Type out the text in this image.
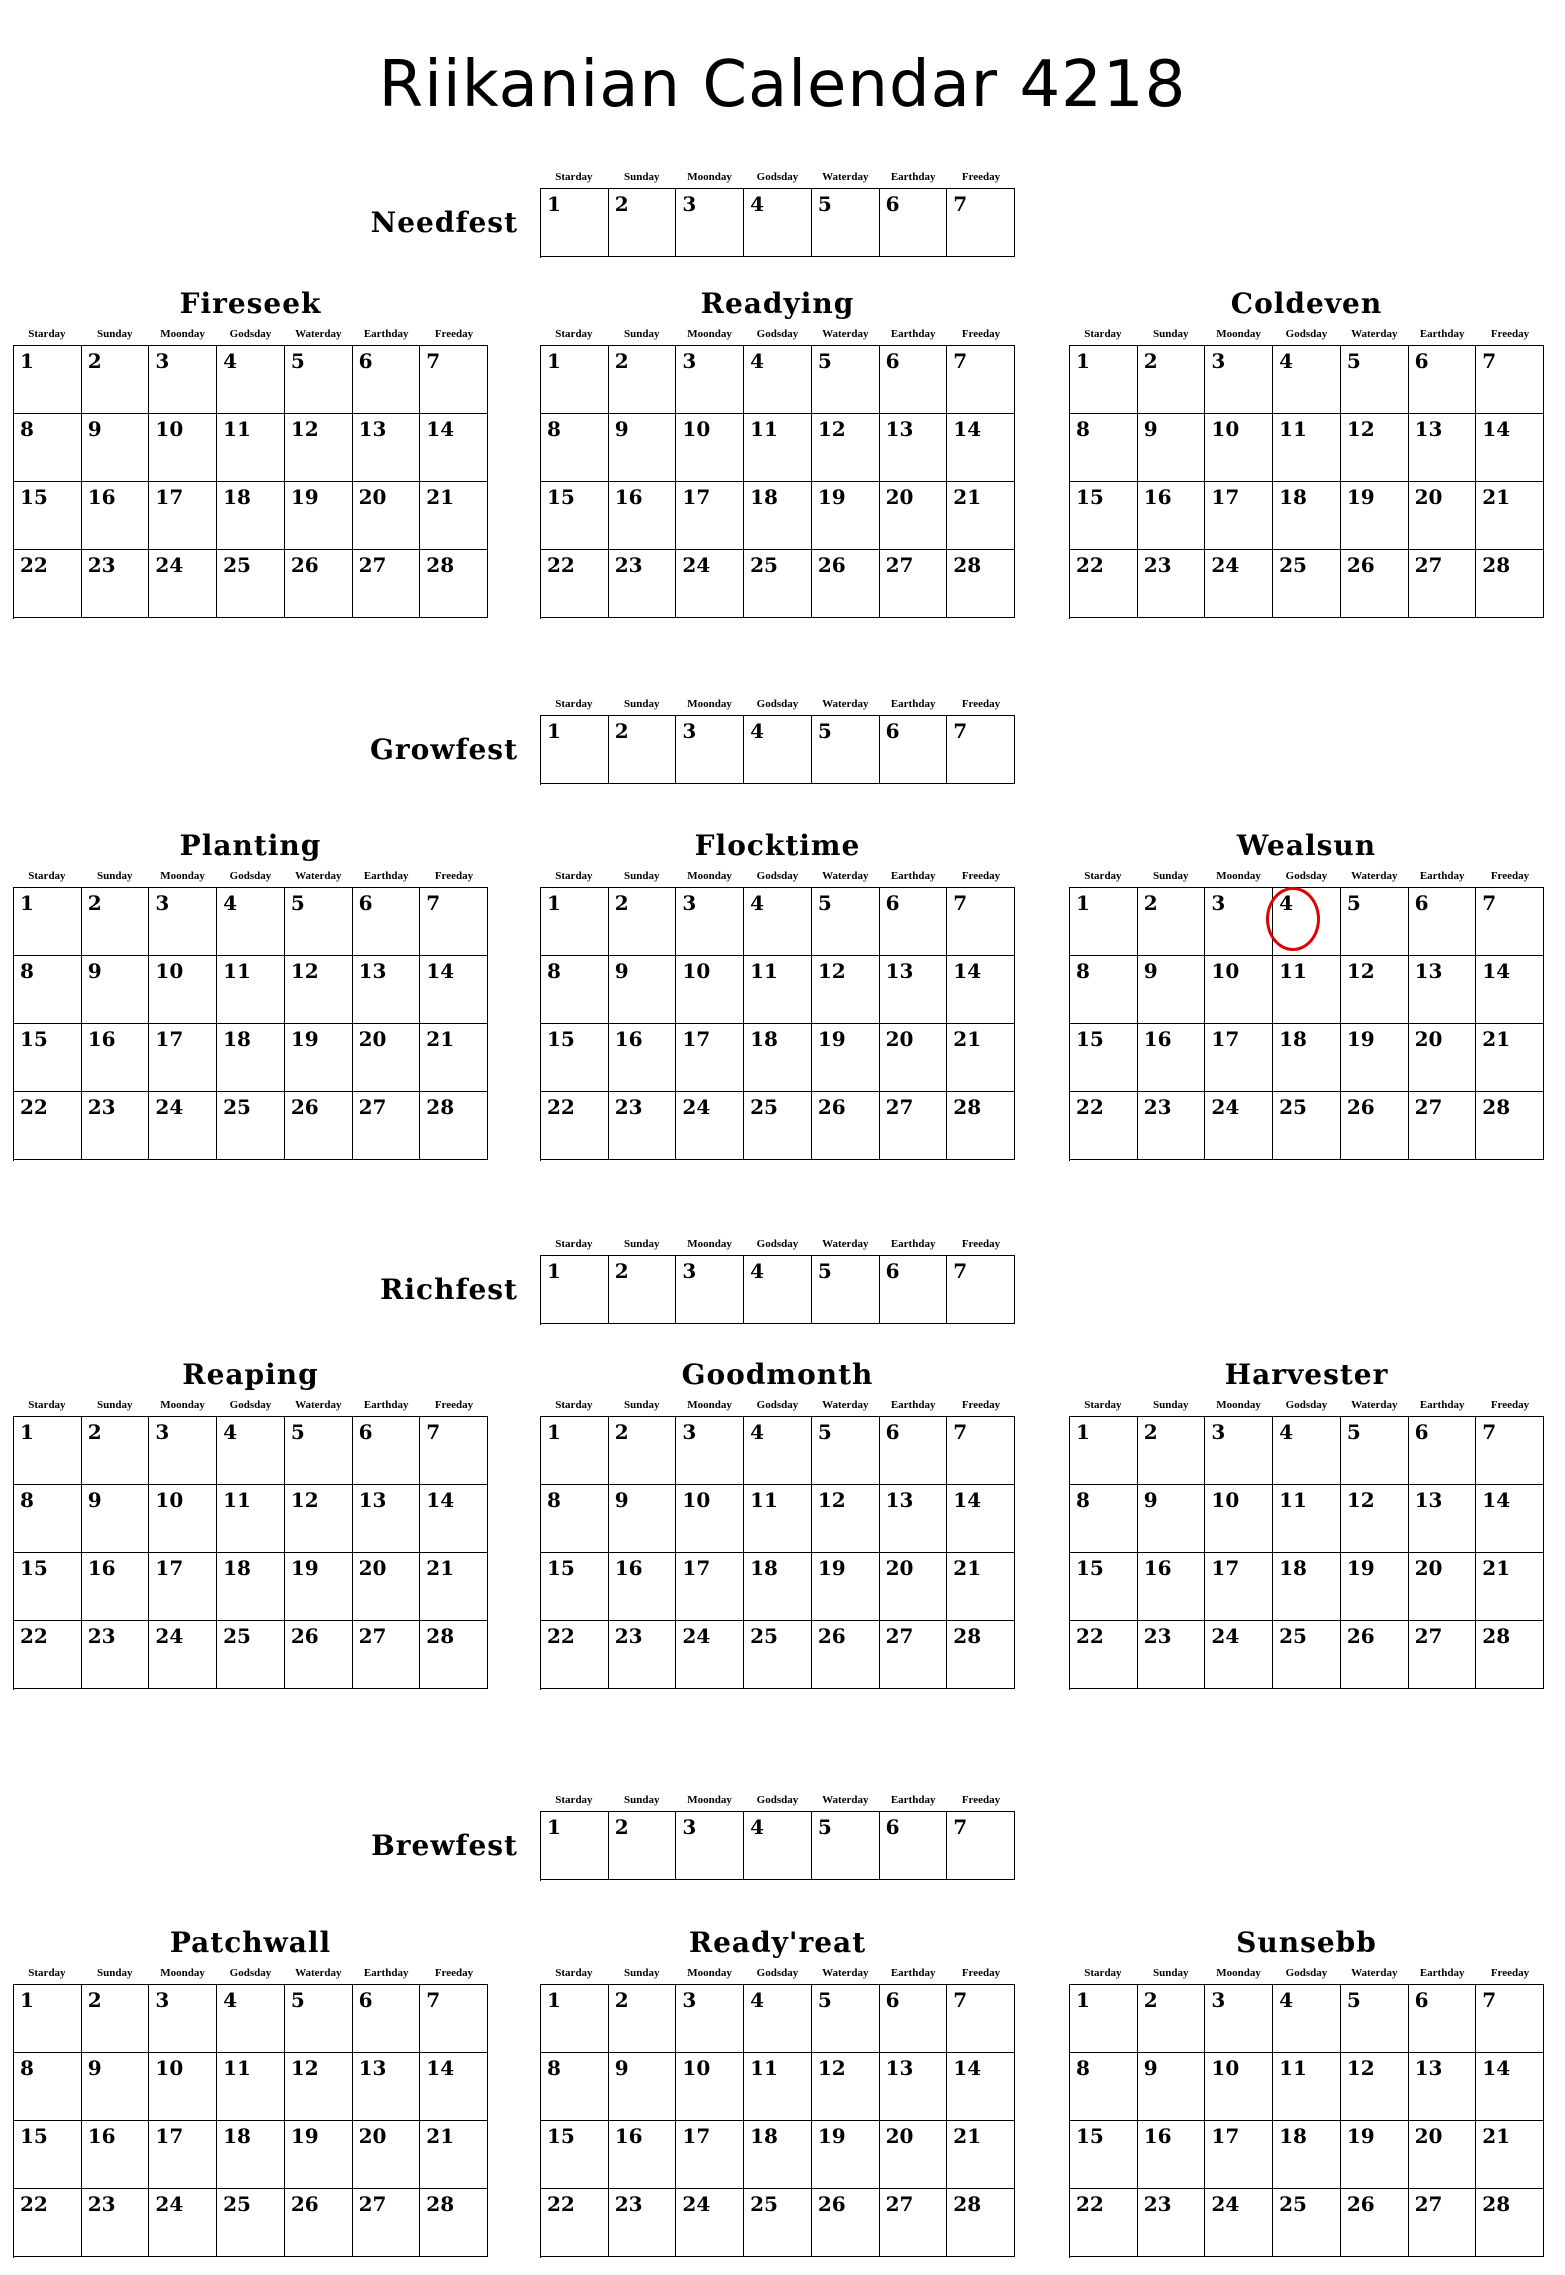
Riikanian Calendar 4218
Needfest
Starday	Sunday	Moonday	Godsday	Waterday	Earthday	Freeday
1	2	3	4	5	6	7
Fireseek
Starday	Sunday	Moonday	Godsday	Waterday	Earthday	Freeday
1	2	3	4	5	6	7
8	9	10 11 12 13 14
15 16 17 18 19 20 21
22 23 24 25 26 27 28
Readying
Starday	Sunday	Moonday	Godsday	Waterday	Earthday	Freeday
1	2	3	4	5	6	7
8	9	10 11 12 13 14
15 16 17 18 19 20 21
22 23 24 25 26 27 28
Coldeven
Starday	Sunday	Moonday	Godsday	Waterday	Earthday	Freeday
1	2	3	4	5	6	7
8	9	10 11 12 13 14
15 16 17 18 19 20 21
22 23 24 25 26 27 28
Growfest
Starday	Sunday	Moonday	Godsday	Waterday	Earthday	Freeday
1	2	3	4	5	6	7
Planting
Starday	Sunday	Moonday	Godsday	Waterday	Earthday	Freeday
1	2	3	4	5	6	7
8	9	10 11 12 13 14
15 16 17 18 19 20 21
22 23 24 25 26 27 28
Flocktime
Starday	Sunday	Moonday	Godsday	Waterday	Earthday	Freeday
1	2	3	4	5	6	7
8	9	10 11 12 13 14
15 16 17 18 19 20 21
22 23 24 25 26 27 28
Wealsun
Starday	Sunday	Moonday	Godsday	Waterday	Earthday	Freeday
1	2	3	4	5	6	7
8	9	10 11 12 13 14
15 16 17 18 19 20 21
22 23 24 25 26 27 28
Richfest
Starday	Sunday	Moonday	Godsday	Waterday	Earthday	Freeday
1	2	3	4	5	6	7
Reaping
Starday	Sunday	Moonday	Godsday	Waterday	Earthday	Freeday
1	2	3	4	5	6	7
8	9	10 11 12 13 14
15 16 17 18 19 20 21
22 23 24 25 26 27 28
Goodmonth
Starday	Sunday	Moonday	Godsday	Waterday	Earthday	Freeday
1	2	3	4	5	6	7
8	9	10 11 12 13 14
15 16 17 18 19 20 21
22 23 24 25 26 27 28
Harvester
Starday	Sunday	Moonday	Godsday	Waterday	Earthday	Freeday
1	2	3	4	5	6	7
8	9	10 11 12 13 14
15 16 17 18 19 20 21
22 23 24 25 26 27 28
Brewfest
Starday	Sunday	Moonday	Godsday	Waterday	Earthday	Freeday
1	2	3	4	5	6	7
Patchwall
Starday	Sunday	Moonday	Godsday	Waterday	Earthday	Freeday
1	2	3	4	5	6	7
8	9	10 11 12 13 14
15 16 17 18 19 20 21
22 23 24 25 26 27 28
Ready'reat
Starday	Sunday	Moonday	Godsday	Waterday	Earthday	Freeday
1	2	3	4	5	6	7
8	9	10 11 12 13 14
15 16 17 18 19 20 21
22 23 24 25 26 27 28
Sunsebb
Starday	Sunday	Moonday	Godsday	Waterday	Earthday	Freeday
1	2	3	4	5	6	7
8	9	10 11 12 13 14
15 16 17 18 19 20 21
22 23 24 25 26 27 28
